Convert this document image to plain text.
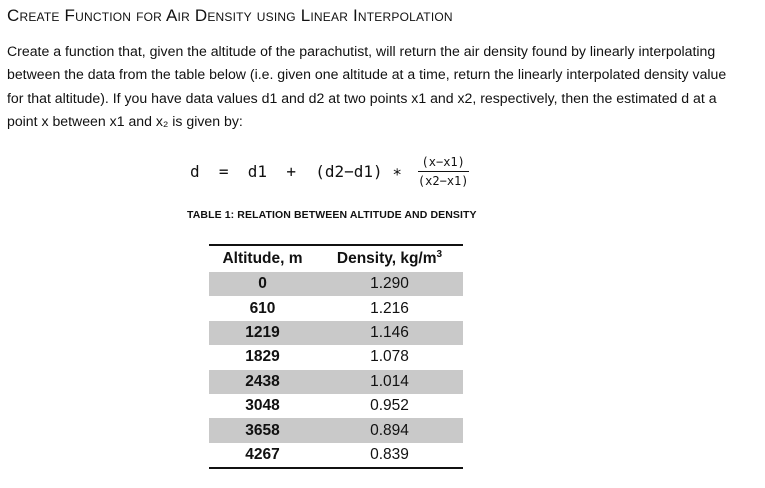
Create Function for Air Density using Linear Interpolation

Create a function that, given the altitude of the parachutist, will return the air density found by linearly interpolating between the data from the table below (i.e. given one altitude at a time, return the linearly interpolated density value for that altitude). If you have data values d1 and d2 at two points x1 and x2, respectively, then the estimated d at a point x between x1 and x₂ is given by:

d  =  d1  +  (d2−d1) ∗ $\frac{(x-x1)}{(x2-x1)}$
TABLE 1: RELATION BETWEEN ALTITUDE AND DENSITY
Altitude, m	Density, $kg/m^3$
0	1.290
610	1.216
1219	1.146
1829	1.078
2438	1.014
3048	0.952
3658	0.894
4267	0.839
